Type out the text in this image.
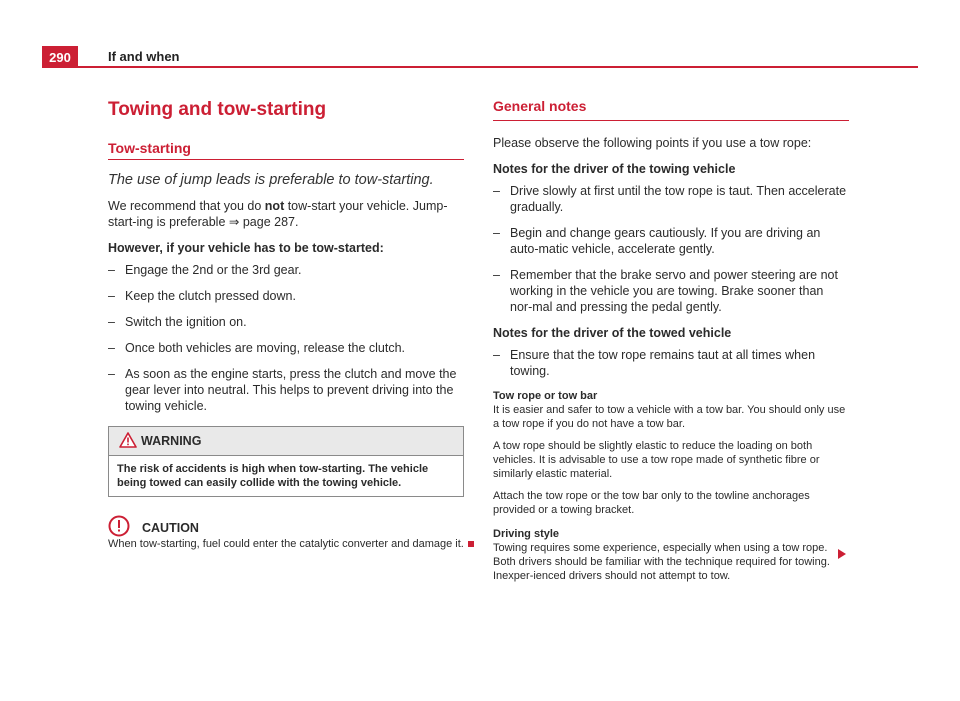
290	If and when
Towing and tow-starting
Tow-starting
The use of jump leads is preferable to tow-starting.

We recommend that you do not tow-start your vehicle. Jump-start-ing is preferable ⇒ page 287.

However, if your vehicle has to be tow-started:

– Engage the 2nd or the 3rd gear.
– Keep the clutch pressed down.
– Switch the ignition on.
– Once both vehicles are moving, release the clutch.
– As soon as the engine starts, press the clutch and move the gear lever into neutral. This helps to prevent driving into the towing vehicle.
WARNING
The risk of accidents is high when tow-starting. The vehicle being towed can easily collide with the towing vehicle.
CAUTION
When tow-starting, fuel could enter the catalytic converter and damage it.
General notes

Please observe the following points if you use a tow rope:

Notes for the driver of the towing vehicle

– Drive slowly at first until the tow rope is taut. Then accelerate gradually.
– Begin and change gears cautiously. If you are driving an auto-matic vehicle, accelerate gently.
– Remember that the brake servo and power steering are not working in the vehicle you are towing. Brake sooner than nor-mal and pressing the pedal gently.

Notes for the driver of the towed vehicle

– Ensure that the tow rope remains taut at all times when towing.

Tow rope or tow bar

It is easier and safer to tow a vehicle with a tow bar. You should only use a tow rope if you do not have a tow bar.

A tow rope should be slightly elastic to reduce the loading on both vehicles. It is advisable to use a tow rope made of synthetic fibre or similarly elastic material.

Attach the tow rope or the tow bar only to the towline anchorages provided or a towing bracket.

Driving style

Towing requires some experience, especially when using a tow rope. Both drivers should be familiar with the technique required for towing. Inexper-ienced drivers should not attempt to tow.
